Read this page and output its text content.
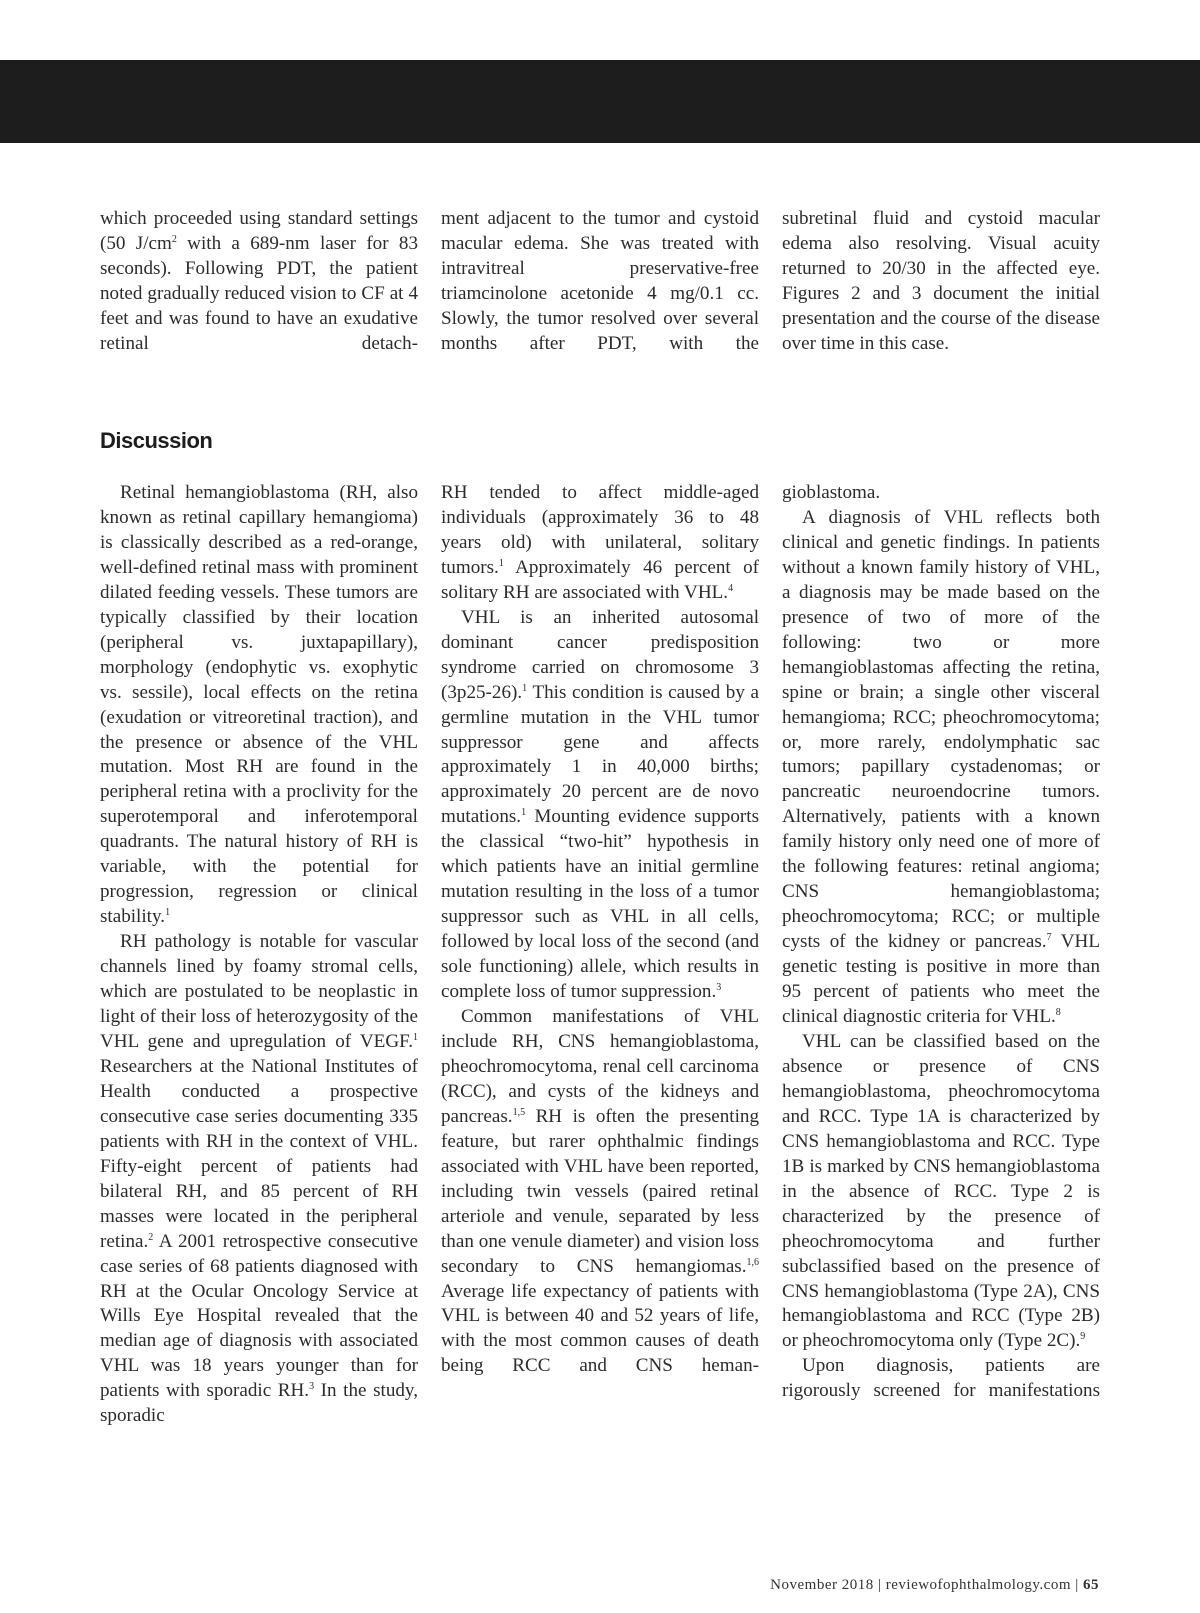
which proceeded using standard settings (50 $J/cm^2$ with a 689-nm laser for 83 seconds). Following PDT, the patient noted gradually reduced vision to CF at 4 feet and was found to have an exudative retinal detach-

ment adjacent to the tumor and cystoid macular edema. She was treated with intravitreal preservative-free triamcinolone acetonide 4 mg/0.1 cc. Slowly, the tumor resolved over several months after PDT, with the

subretinal fluid and cystoid macular edema also resolving. Visual acuity returned to 20/30 in the affected eye. Figures 2 and 3 document the initial presentation and the course of the disease over time in this case.

Discussion

Retinal hemangioblastoma (RH, also known as retinal capillary hemangioma) is classically described as a red-orange, well-defined retinal mass with prominent dilated feeding vessels. These tumors are typically classified by their location (peripheral vs. juxtapapillary), morphology (endophytic vs. exophytic vs. sessile), local effects on the retina (exudation or vitreoretinal traction), and the presence or absence of the VHL mutation. Most RH are found in the peripheral retina with a proclivity for the superotemporal and inferotemporal quadrants. The natural history of RH is variable, with the potential for progression, regression or clinical stability.$^1$

RH pathology is notable for vascular channels lined by foamy stromal cells, which are postulated to be neoplastic in light of their loss of heterozygosity of the VHL gene and upregulation of VEGF.$^1$ Researchers at the National Institutes of Health conducted a prospective consecutive case series documenting 335 patients with RH in the context of VHL. Fifty-eight percent of patients had bilateral RH, and 85 percent of RH masses were located in the peripheral retina.$^2$ A 2001 retrospective consecutive case series of 68 patients diagnosed with RH at the Ocular Oncology Service at Wills Eye Hospital revealed that the median age of diagnosis with associated VHL was 18 years younger than for patients with sporadic RH.$^3$ In the study, sporadic

RH tended to affect middle-aged individuals (approximately 36 to 48 years old) with unilateral, solitary tumors.$^1$ Approximately 46 percent of solitary RH are associated with VHL.$^4$

VHL is an inherited autosomal dominant cancer predisposition syndrome carried on chromosome 3 (3p25-26).$^1$ This condition is caused by a germline mutation in the VHL tumor suppressor gene and affects approximately 1 in 40,000 births; approximately 20 percent are de novo mutations.$^1$ Mounting evidence supports the classical “two-hit” hypothesis in which patients have an initial germline mutation resulting in the loss of a tumor suppressor such as VHL in all cells, followed by local loss of the second (and sole functioning) allele, which results in complete loss of tumor suppression.$^3$

Common manifestations of VHL include RH, CNS hemangioblastoma, pheochromocytoma, renal cell carcinoma (RCC), and cysts of the kidneys and pancreas.$^{1,5}$ RH is often the presenting feature, but rarer ophthalmic findings associated with VHL have been reported, including twin vessels (paired retinal arteriole and venule, separated by less than one venule diameter) and vision loss secondary to CNS hemangiomas.$^{1,6}$ Average life expectancy of patients with VHL is between 40 and 52 years of life, with the most common causes of death being RCC and CNS heman-

gioblastoma.

A diagnosis of VHL reflects both clinical and genetic findings. In patients without a known family history of VHL, a diagnosis may be made based on the presence of two of more of the following: two or more hemangioblastomas affecting the retina, spine or brain; a single other visceral hemangioma; RCC; pheochromocytoma; or, more rarely, endolymphatic sac tumors; papillary cystadenomas; or pancreatic neuroendocrine tumors. Alternatively, patients with a known family history only need one of more of the following features: retinal angioma; CNS hemangioblastoma; pheochromocytoma; RCC; or multiple cysts of the kidney or pancreas.$^7$ VHL genetic testing is positive in more than 95 percent of patients who meet the clinical diagnostic criteria for VHL.$^8$

VHL can be classified based on the absence or presence of CNS hemangioblastoma, pheochromocytoma and RCC. Type 1A is characterized by CNS hemangioblastoma and RCC. Type 1B is marked by CNS hemangioblastoma in the absence of RCC. Type 2 is characterized by the presence of pheochromocytoma and further subclassified based on the presence of CNS hemangioblastoma (Type 2A), CNS hemangioblastoma and RCC (Type 2B) or pheochromocytoma only (Type 2C).$^9$

Upon diagnosis, patients are rigorously screened for manifestations

November 2018 | reviewofophthalmology.com | 65
